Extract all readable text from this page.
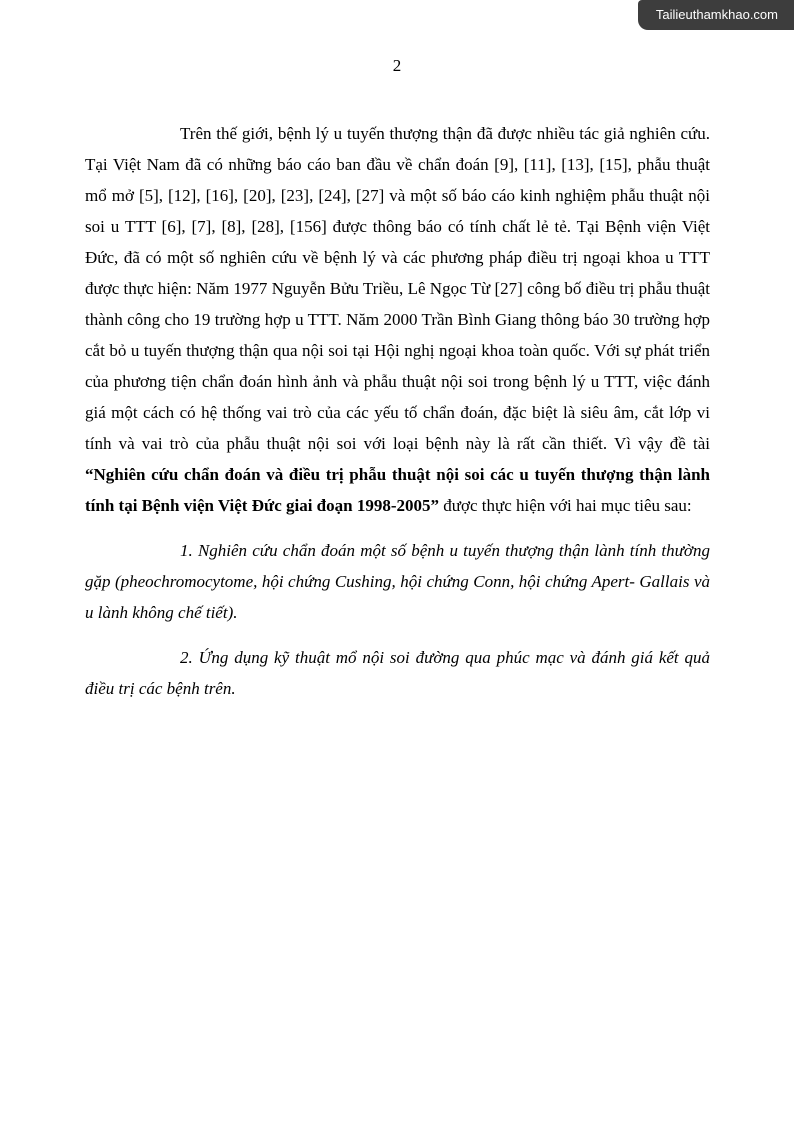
Tailieuthamkhao.com
2

Trên thế giới, bệnh lý u tuyến thượng thận đã được nhiều tác giả nghiên cứu. Tại Việt Nam đã có những báo cáo ban đầu về chẩn đoán [9], [11], [13], [15], phẫu thuật mổ mở [5], [12], [16], [20], [23], [24], [27] và một số báo cáo kinh nghiệm phẫu thuật nội soi u TTT [6], [7], [8], [28], [156] được thông báo có tính chất lẻ tẻ. Tại Bệnh viện Việt Đức, đã có một số nghiên cứu về bệnh lý và các phương pháp điều trị ngoại khoa u TTT được thực hiện: Năm 1977 Nguyễn Bửu Triều, Lê Ngọc Từ [27] công bố điều trị phẫu thuật thành công cho 19 trường hợp u TTT. Năm 2000 Trần Bình Giang thông báo 30 trường hợp cắt bỏ u tuyến thượng thận qua nội soi tại Hội nghị ngoại khoa toàn quốc. Với sự phát triển của phương tiện chẩn đoán hình ảnh và phẫu thuật nội soi trong bệnh lý u TTT, việc đánh giá một cách có hệ thống vai trò của các yếu tố chẩn đoán, đặc biệt là siêu âm, cắt lớp vi tính và vai trò của phẫu thuật nội soi với loại bệnh này là rất cần thiết. Vì vậy đề tài “Nghiên cứu chẩn đoán và điều trị phẫu thuật nội soi các u tuyến thượng thận lành tính tại Bệnh viện Việt Đức giai đoạn 1998-2005” được thực hiện với hai mục tiêu sau:

1. Nghiên cứu chẩn đoán một số bệnh u tuyến thượng thận lành tính thường gặp (pheochromocytome, hội chứng Cushing, hội chứng Conn, hội chứng Apert- Gallais và u lành không chế tiết).

2. Ứng dụng kỹ thuật mổ nội soi đường qua phúc mạc và đánh giá kết quả điều trị các bệnh trên.
